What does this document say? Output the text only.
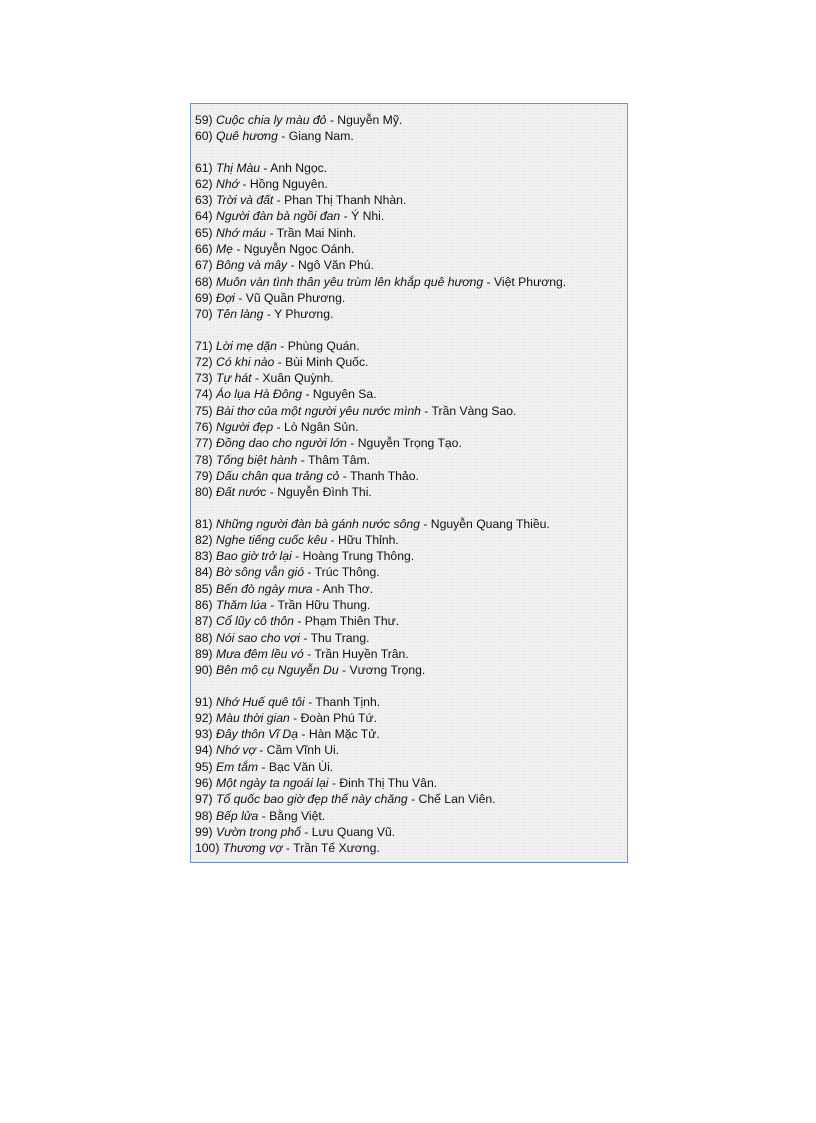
59) Cuộc chia ly màu đỏ - Nguyễn Mỹ.
60) Quê hương - Giang Nam.
61) Thị Màu - Anh Ngọc.
62) Nhớ - Hồng Nguyên.
63) Trời và đất - Phan Thị Thanh Nhàn.
64) Người đàn bà ngồi đan - Ý Nhi.
65) Nhớ máu - Trần Mai Ninh.
66) Mẹ - Nguyễn Ngọc Oánh.
67) Bông và mây - Ngô Văn Phú.
68) Muôn vàn tình thân yêu trùm lên khắp quê hương - Việt Phương.
69) Đợi - Vũ Quần Phương.
70) Tên làng - Y Phương.
71) Lời mẹ dặn - Phùng Quán.
72) Có khi nào - Bùi Minh Quốc.
73) Tự hát - Xuân Quỳnh.
74) Áo lụa Hà Đông - Nguyên Sa.
75) Bài thơ của một người yêu nước mình - Trần Vàng Sao.
76) Người đẹp - Lò Ngân Sủn.
77) Đồng dao cho người lớn - Nguyễn Trọng Tạo.
78) Tống biệt hành - Thâm Tâm.
79) Dấu chân qua trảng cỏ - Thanh Thảo.
80) Đất nước - Nguyễn Đình Thi.
81) Những người đàn bà gánh nước sông - Nguyễn Quang Thiều.
82) Nghe tiếng cuốc kêu - Hữu Thỉnh.
83) Bao giờ trở lại - Hoàng Trung Thông.
84) Bờ sông vẫn gió - Trúc Thông.
85) Bến đò ngày mưa - Anh Thơ.
86) Thăm lúa - Trần Hữu Thung.
87) Cổ lũy cô thôn - Phạm Thiên Thư.
88) Nói sao cho vợi - Thu Trang.
89) Mưa đêm lều vó - Trần Huyền Trân.
90) Bên mộ cụ Nguyễn Du - Vương Trọng.
91) Nhớ Huế quê tôi - Thanh Tịnh.
92) Màu thời gian - Đoàn Phú Tứ.
93) Đây thôn Vĩ Dạ - Hàn Mặc Tử.
94) Nhớ vợ - Cầm Vĩnh Ui.
95) Em tắm - Bạc Văn Ùi.
96) Một ngày ta ngoái lại - Đinh Thị Thu Vân.
97) Tổ quốc bao giờ đẹp thế này chăng - Chế Lan Viên.
98) Bếp lửa - Bằng Việt.
99) Vườn trong phố - Lưu Quang Vũ.
100) Thương vợ - Trần Tế Xương.
